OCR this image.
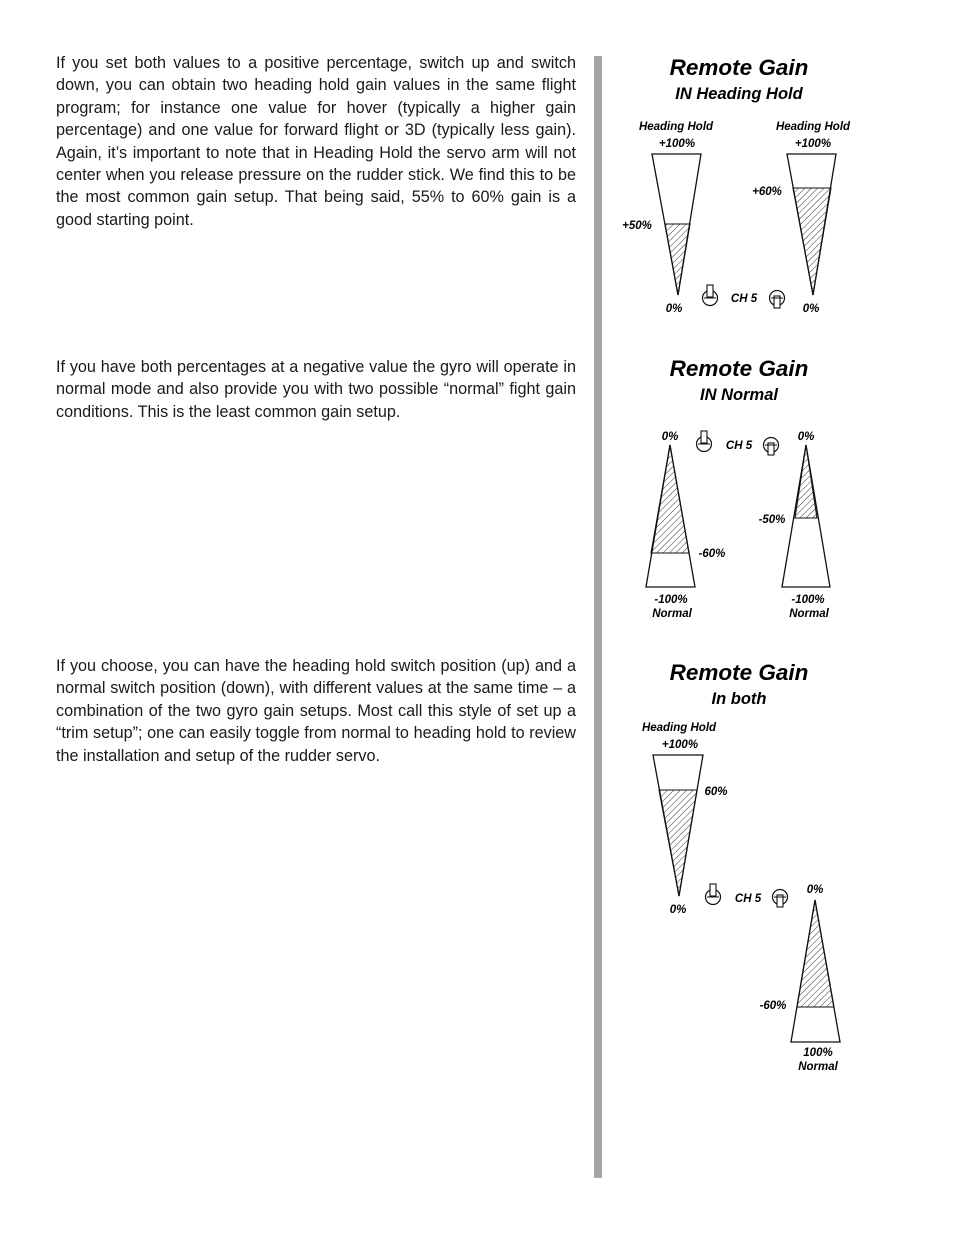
If you set both values to a positive percentage, switch up and switch down, you can obtain two heading hold gain values in the same flight program; for instance one value for hover (typically a higher gain percentage) and one value for forward flight or 3D (typically less gain). Again, it’s important to note that in Heading Hold the servo arm will not center when you release pressure on the rudder stick. We find this to be the most common gain setup. That being said, 55% to 60% gain is a good starting point.

If you have both percentages at a negative value the gyro will operate in normal mode and also provide you with two possible “normal” fight gain conditions. This is the least common gain setup.

If you choose, you can have the heading hold switch position (up) and a normal switch position (down), with different values at the same time – a combination of the two gyro gain setups. Most call this style of set up a “trim setup”; one can easily toggle from normal to heading hold to review the installation and setup of the rudder servo.

Remote Gain
IN Heading Hold
Heading Hold
+100%
+50%
0%
Heading Hold
+100%
+60%
0%
CH 5
Remote Gain
IN Normal
0%
-60%
-100%
Normal
0%
-50%
-100%
Normal
CH 5
Remote Gain
In both
Heading Hold
+100%
60%
0%
0%
-60%
100%
Normal
CH 5
